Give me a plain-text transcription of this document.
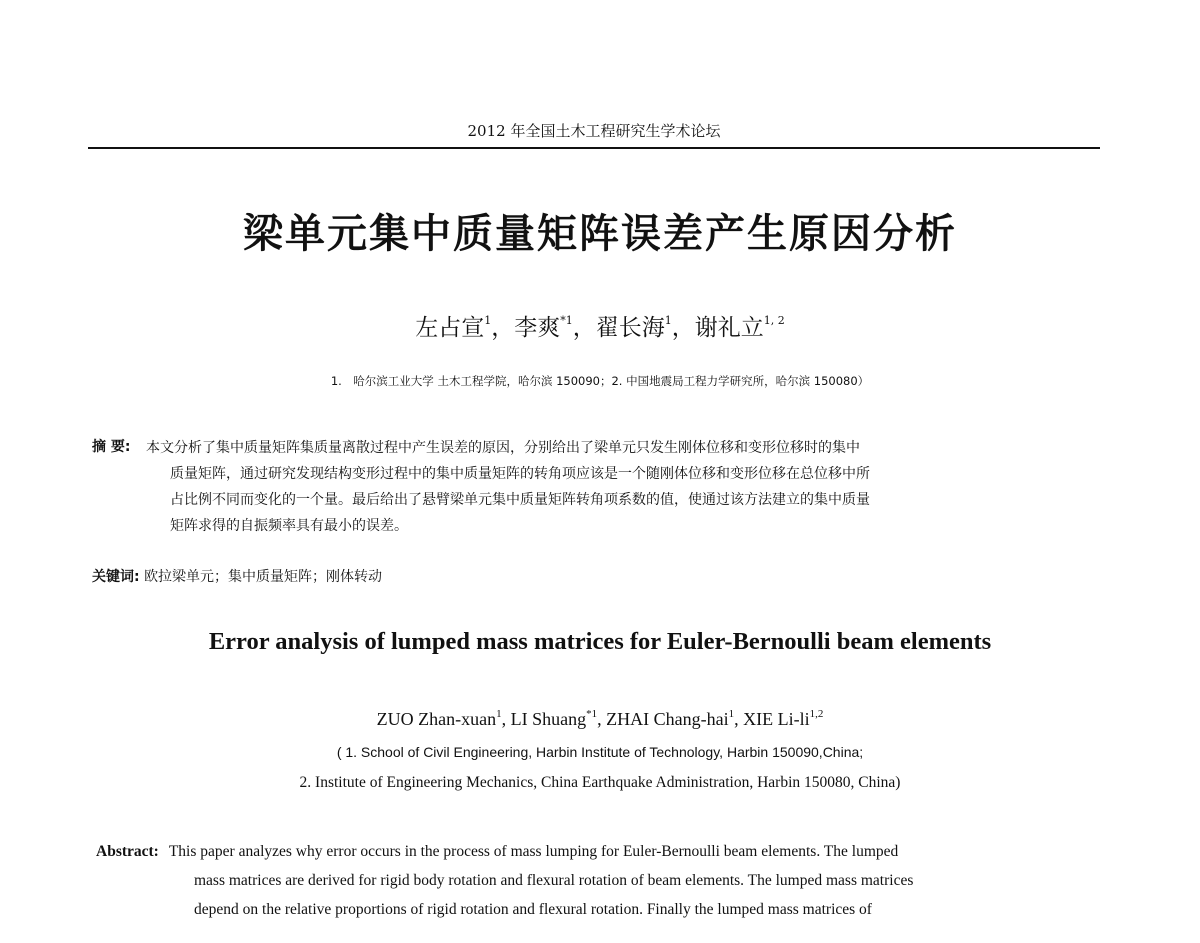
2012 年全国土木工程研究生学术论坛
梁单元集中质量矩阵误差产生原因分析
左占宣$^1$，李爽$^{*1}$，翟长海$^1$，谢礼立$^{1, 2}$
1.　哈尔滨工业大学 土木工程学院，哈尔滨 150090；2. 中国地震局工程力学研究所，哈尔滨 150080）
摘 要:	本文分析了集中质量矩阵集质量离散过程中产生误差的原因，分别给出了梁单元只发生刚体位移和变形位移时的集中
质量矩阵，通过研究发现结构变形过程中的集中质量矩阵的转角项应该是一个随刚体位移和变形位移在总位移中所
占比例不同而变化的一个量。最后给出了悬臂梁单元集中质量矩阵转角项系数的值，使通过该方法建立的集中质量
矩阵求得的自振频率具有最小的误差。
关键词: 欧拉梁单元；集中质量矩阵；刚体转动
Error analysis of lumped mass matrices for Euler-Bernoulli beam elements
ZUO Zhan-xuan$^1$, LI Shuang$^{*1}$, ZHAI Chang-hai$^1$, XIE Li-li$^{1,2}$
( 1. School of Civil Engineering, Harbin Institute of Technology, Harbin 150090,China;
2. Institute of Engineering Mechanics, China Earthquake Administration, Harbin 150080, China)
Abstract: This paper analyzes why error occurs in the process of mass lumping for Euler-Bernoulli beam elements. The lumped
mass matrices are derived for rigid body rotation and flexural rotation of beam elements. The lumped mass matrices
depend on the relative proportions of rigid rotation and flexural rotation. Finally the lumped mass matrices of
